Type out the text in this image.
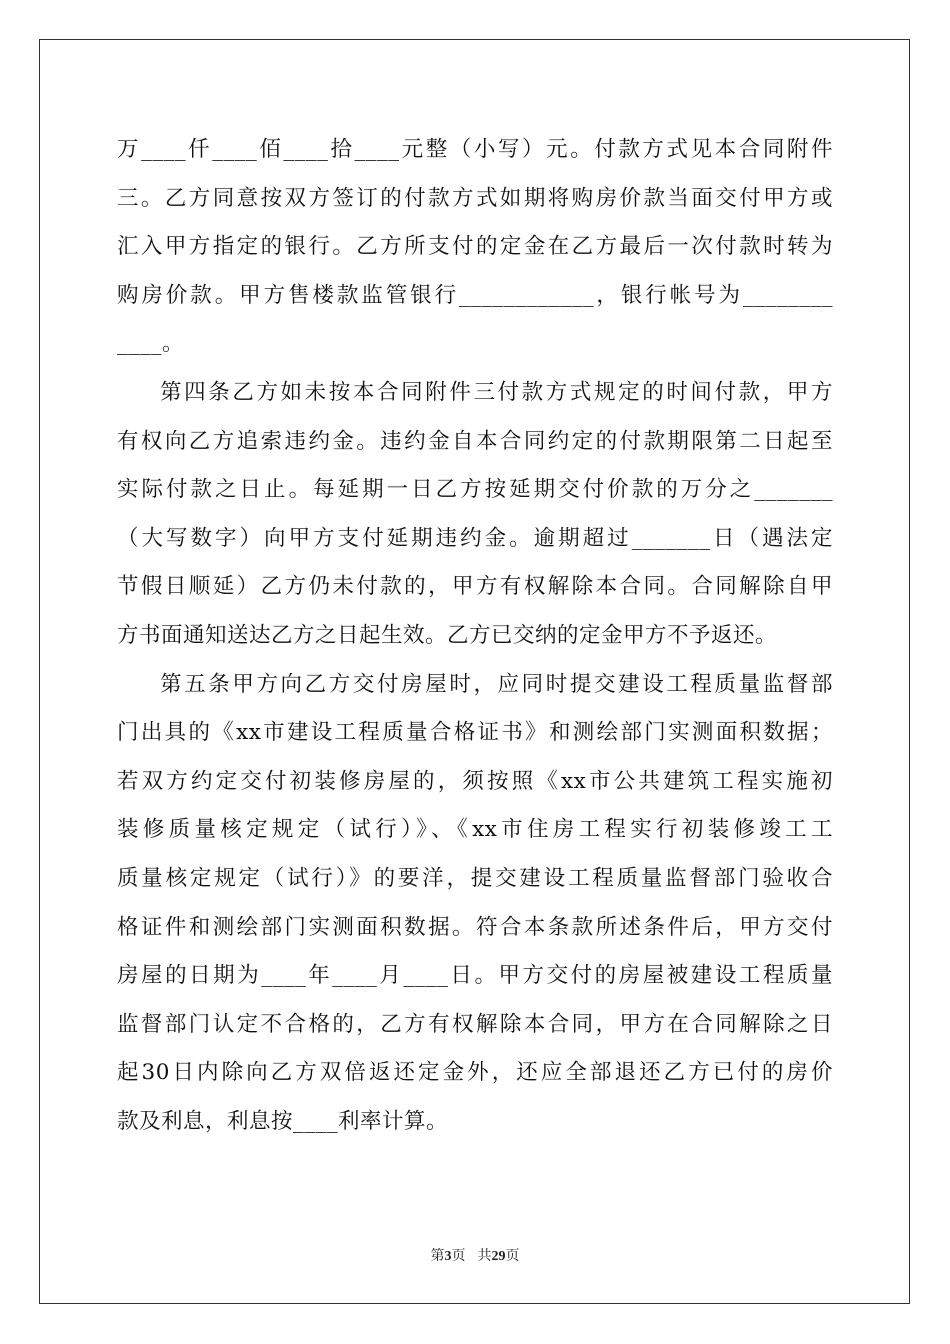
万____仟____佰____拾____元整（小写）元。付款方式见本合同附件
三。乙方同意按双方签订的付款方式如期将购房价款当面交付甲方或
汇入甲方指定的银行。乙方所支付的定金在乙方最后一次付款时转为
购房价款。甲方售楼款监管银行____________，银行帐号为________
____。
第四条乙方如未按本合同附件三付款方式规定的时间付款，甲方
有权向乙方追索违约金。违约金自本合同约定的付款期限第二日起至
实际付款之日止。每延期一日乙方按延期交付价款的万分之_______
（大写数字）向甲方支付延期违约金。逾期超过_______日（遇法定
节假日顺延）乙方仍未付款的，甲方有权解除本合同。合同解除自甲
方书面通知送达乙方之日起生效。乙方已交纳的定金甲方不予返还。
第五条甲方向乙方交付房屋时，应同时提交建设工程质量监督部
门出具的《xx市建设工程质量合格证书》和测绘部门实测面积数据；
若双方约定交付初装修房屋的，须按照《xx市公共建筑工程实施初
装修质量核定规定（试行）》、《xx市住房工程实行初装修竣工工
质量核定规定（试行）》的要洋，提交建设工程质量监督部门验收合
格证件和测绘部门实测面积数据。符合本条款所述条件后，甲方交付
房屋的日期为____年____月____日。甲方交付的房屋被建设工程质量
监督部门认定不合格的，乙方有权解除本合同，甲方在合同解除之日
起30日内除向乙方双倍返还定金外，还应全部退还乙方已付的房价
款及利息，利息按____利率计算。
第3页 共29页
